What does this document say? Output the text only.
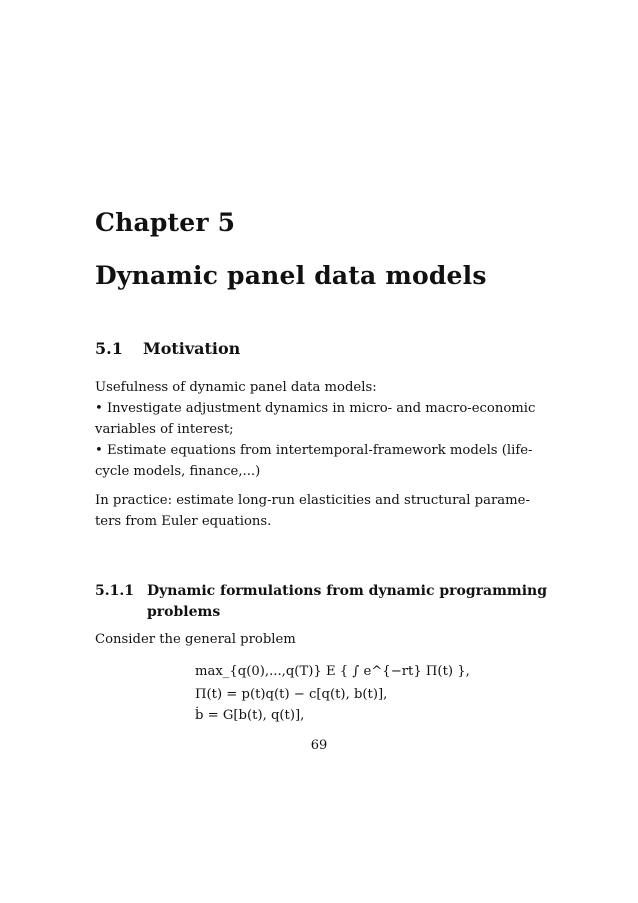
Chapter 5
Dynamic panel data models
5.1 Motivation
Usefulness of dynamic panel data models:
• Investigate adjustment dynamics in micro- and macro-economic
variables of interest;
• Estimate equations from intertemporal-framework models (life-
cycle models, finance,...)
In practice: estimate long-run elasticities and structural parame-
ters from Euler equations.
5.1.1 Dynamic formulations from dynamic programming
problems
Consider the general problem
max_{q(0),...,q(T)} E { ∫ e^{−rt} Π(t) },
Π(t) = p(t)q(t) − c[q(t), b(t)],
ḃ = G[b(t), q(t)],
69
